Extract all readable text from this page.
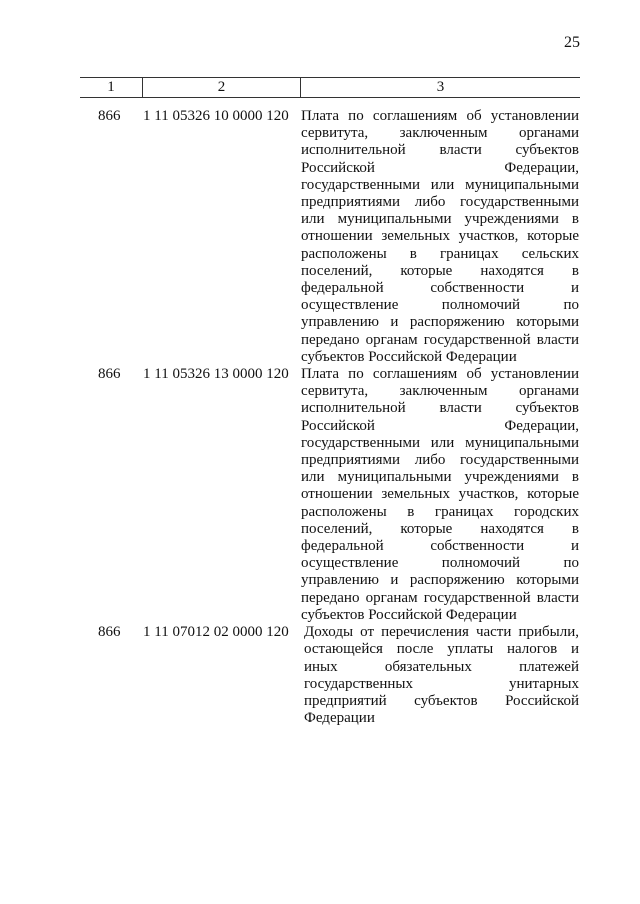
25
1	2	3
866	1 11 05326 10 0000 120 Плата по соглашениям об установлении
сервитута, заключенным органами
исполнительной власти субъектов
Российской Федерации,
государственными или муниципальными
предприятиями либо государственными
или муниципальными учреждениями в
отношении земельных участков, которые
расположены в границах сельских
поселений, которые находятся в
федеральной собственности и
осуществление полномочий по
управлению и распоряжению которыми
передано органам государственной власти
субъектов Российской Федерации
866	1 11 05326 13 0000 120 Плата по соглашениям об установлении
сервитута, заключенным органами
исполнительной власти субъектов
Российской Федерации,
государственными или муниципальными
предприятиями либо государственными
или муниципальными учреждениями в
отношении земельных участков, которые
расположены в границах городских
поселений, которые находятся в
федеральной собственности и
осуществление полномочий по
управлению и распоряжению которыми
передано органам государственной власти
субъектов Российской Федерации
866	1 11 07012 02 0000 120	Доходы от перечисления части прибыли,
остающейся после уплаты налогов и
иных обязательных платежей
государственных унитарных
предприятий субъектов Российской
Федерации
